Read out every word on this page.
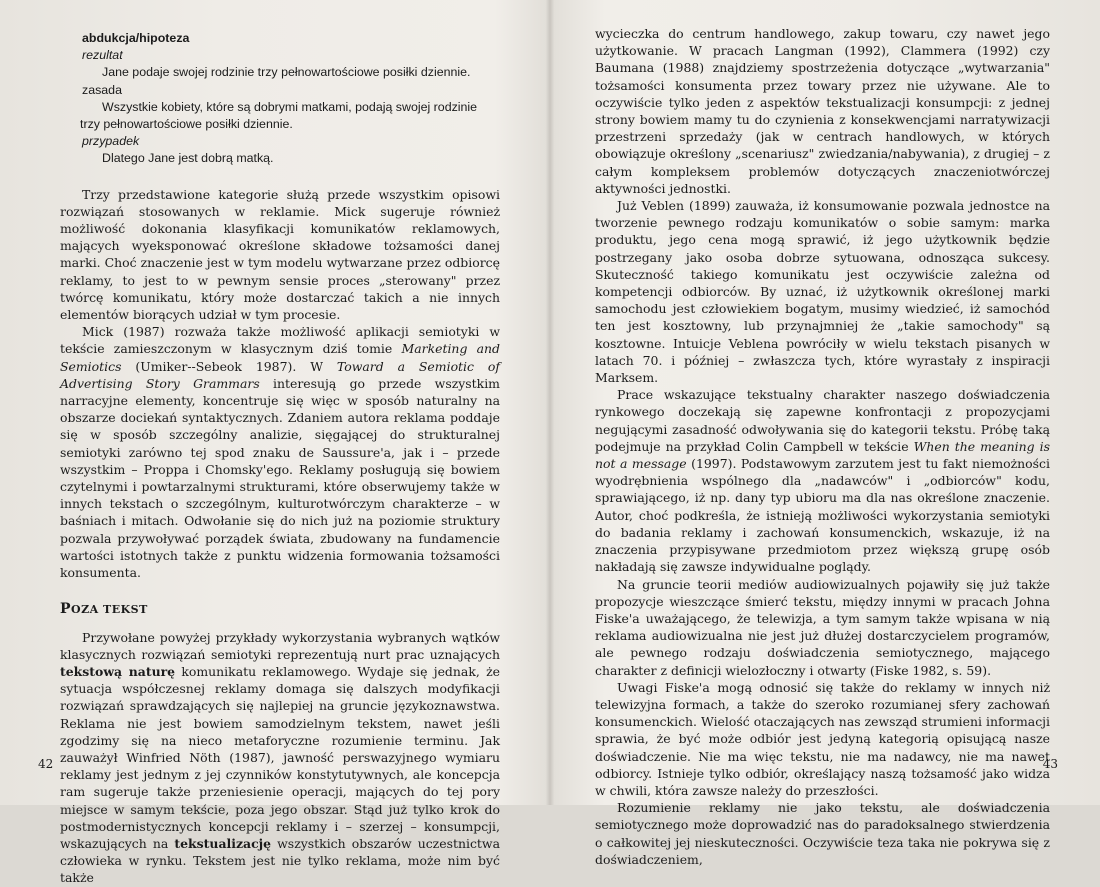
abdukcja/hipoteza

rezultat

Jane podaje swojej rodzinie trzy pełnowartościowe posiłki dziennie.

zasada

Wszystkie kobiety, które są dobrymi matkami, podają swojej rodzinie trzy pełnowartościowe posiłki dziennie.

przypadek

Dlatego Jane jest dobrą matką.

Trzy przedstawione kategorie służą przede wszystkim opisowi rozwiązań stosowanych w reklamie. Mick sugeruje również możliwość dokonania klasyfikacji komunikatów reklamowych, mających wyeksponować określone składowe tożsamości danej marki. Choć znaczenie jest w tym modelu wytwarzane przez odbiorcę reklamy, to jest to w pewnym sensie proces „sterowany" przez twórcę komunikatu, który może dostarczać takich a nie innych elementów biorących udział w tym procesie.

Mick (1987) rozważa także możliwość aplikacji semiotyki w tekście zamieszczonym w klasycznym dziś tomie Marketing and Semiotics (Umiker--Sebeok 1987). W Toward a Semiotic of Advertising Story Grammars interesują go przede wszystkim narracyjne elementy, koncentruje się więc w sposób naturalny na obszarze dociekań syntaktycznych. Zdaniem autora reklama poddaje się w sposób szczególny analizie, sięgającej do strukturalnej semiotyki zarówno tej spod znaku de Saussure'a, jak i – przede wszystkim – Proppa i Chomsky'ego. Reklamy posługują się bowiem czytelnymi i powtarzalnymi strukturami, które obserwujemy także w innych tekstach o szczególnym, kulturotwórczym charakterze – w baśniach i mitach. Odwołanie się do nich już na poziomie struktury pozwala przywoływać porządek świata, zbudowany na fundamencie wartości istotnych także z punktu widzenia formowania tożsamości konsumenta.

POZA TEKST

Przywołane powyżej przykłady wykorzystania wybranych wątków klasycznych rozwiązań semiotyki reprezentują nurt prac uznających tekstową naturę komunikatu reklamowego. Wydaje się jednak, że sytuacja współczesnej reklamy domaga się dalszych modyfikacji rozwiązań sprawdzających się najlepiej na gruncie językoznawstwa. Reklama nie jest bowiem samodzielnym tekstem, nawet jeśli zgodzimy się na nieco metaforyczne rozumienie terminu. Jak zauważył Winfried Nöth (1987), jawność perswazyjnego wymiaru reklamy jest jednym z jej czynników konstytutywnych, ale koncepcja ram sugeruje także przeniesienie operacji, mających do tej pory miejsce w samym tekście, poza jego obszar. Stąd już tylko krok do postmodernistycznych koncepcji reklamy i – szerzej – konsumpcji, wskazujących na tekstualizację wszystkich obszarów uczestnictwa człowieka w rynku. Tekstem jest nie tylko reklama, może nim być także

42

wycieczka do centrum handlowego, zakup towaru, czy nawet jego użytkowanie. W pracach Langman (1992), Clammera (1992) czy Baumana (1988) znajdziemy spostrzeżenia dotyczące „wytwarzania" tożsamości konsumenta przez towary przez nie używane. Ale to oczywiście tylko jeden z aspektów tekstualizacji konsumpcji: z jednej strony bowiem mamy tu do czynienia z konsekwencjami narratywizacji przestrzeni sprzedaży (jak w centrach handlowych, w których obowiązuje określony „scenariusz" zwiedzania/nabywania), z drugiej – z całym kompleksem problemów dotyczących znaczeniotwórczej aktywności jednostki.

Już Veblen (1899) zauważa, iż konsumowanie pozwala jednostce na tworzenie pewnego rodzaju komunikatów o sobie samym: marka produktu, jego cena mogą sprawić, iż jego użytkownik będzie postrzegany jako osoba dobrze sytuowana, odnosząca sukcesy. Skuteczność takiego komunikatu jest oczywiście zależna od kompetencji odbiorców. By uznać, iż użytkownik określonej marki samochodu jest człowiekiem bogatym, musimy wiedzieć, iż samochód ten jest kosztowny, lub przynajmniej że „takie samochody" są kosztowne. Intuicje Veblena powróciły w wielu tekstach pisanych w latach 70. i później – zwłaszcza tych, które wyrastały z inspiracji Marksem.

Prace wskazujące tekstualny charakter naszego doświadczenia rynkowego doczekają się zapewne konfrontacji z propozycjami negującymi zasadność odwoływania się do kategorii tekstu. Próbę taką podejmuje na przykład Colin Campbell w tekście When the meaning is not a message (1997). Podstawowym zarzutem jest tu fakt niemożności wyodrębnienia wspólnego dla „nadawców" i „odbiorców" kodu, sprawiającego, iż np. dany typ ubioru ma dla nas określone znaczenie. Autor, choć podkreśla, że istnieją możliwości wykorzystania semiotyki do badania reklamy i zachowań konsumenckich, wskazuje, iż na znaczenia przypisywane przedmiotom przez większą grupę osób nakładają się zawsze indywidualne poglądy.

Na gruncie teorii mediów audiowizualnych pojawiły się już także propozycje wieszczące śmierć tekstu, między innymi w pracach Johna Fiske'a uważającego, że telewizja, a tym samym także wpisana w nią reklama audiowizualna nie jest już dłużej dostarczycielem programów, ale pewnego rodzaju doświadczenia semiotycznego, mającego charakter z definicji wielozłoczny i otwarty (Fiske 1982, s. 59).

Uwagi Fiske'a mogą odnosić się także do reklamy w innych niż telewizyjna formach, a także do szeroko rozumianej sfery zachowań konsumenckich. Wielość otaczających nas zewsząd strumieni informacji sprawia, że być może odbiór jest jedyną kategorią opisującą nasze doświadczenie. Nie ma więc tekstu, nie ma nadawcy, nie ma nawet odbiorcy. Istnieje tylko odbiór, określający naszą tożsamość jako widza w chwili, która zawsze należy do przeszłości.

Rozumienie reklamy nie jako tekstu, ale doświadczenia semiotycznego może doprowadzić nas do paradoksalnego stwierdzenia o całkowitej jej nieskuteczności. Oczywiście teza taka nie pokrywa się z doświadczeniem,

43
